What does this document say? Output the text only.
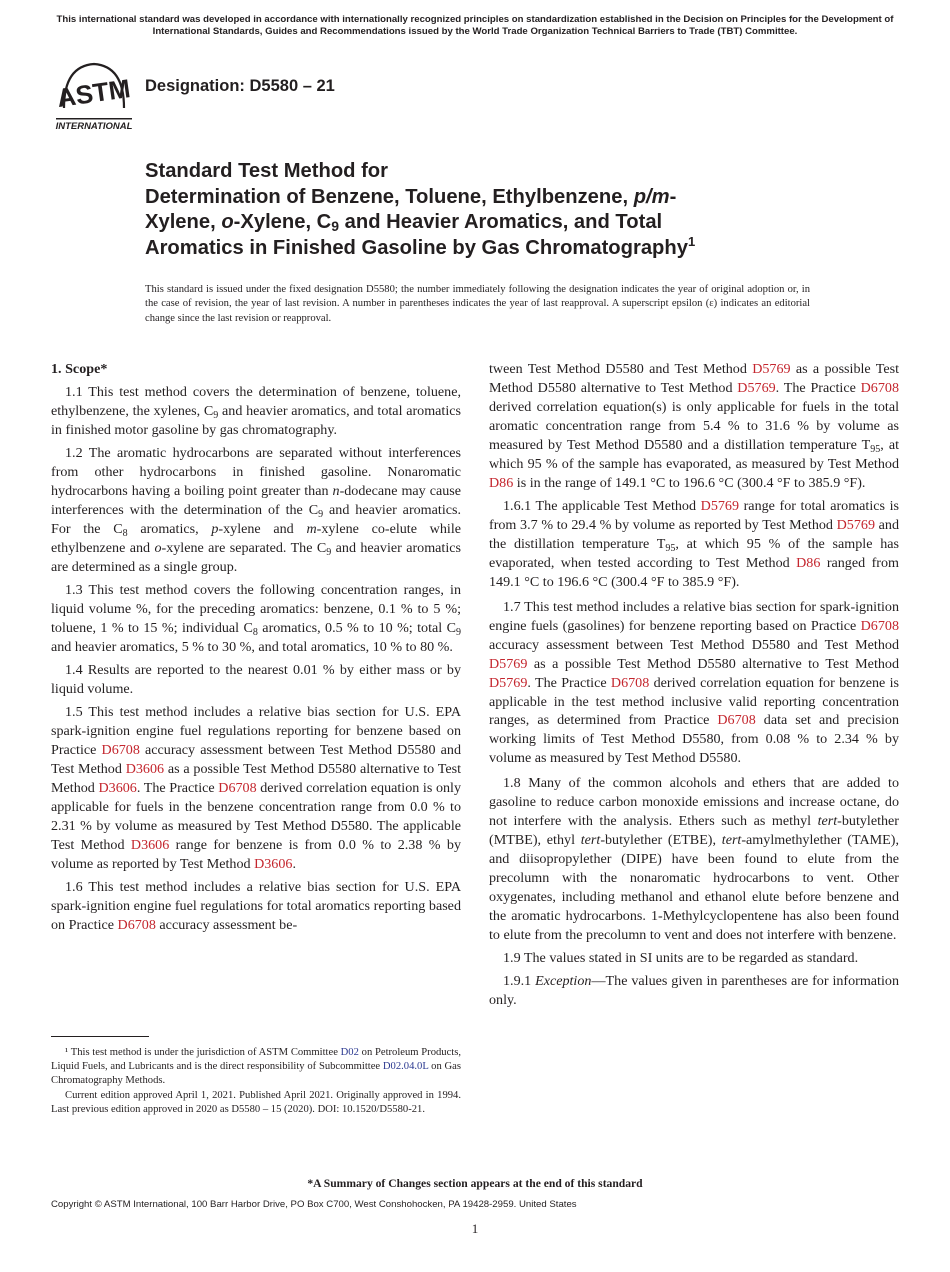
This international standard was developed in accordance with internationally recognized principles on standardization established in the Decision on Principles for the Development of International Standards, Guides and Recommendations issued by the World Trade Organization Technical Barriers to Trade (TBT) Committee.
ASTM
INTERNATIONAL
Designation: D5580 – 21
Standard Test Method for
Determination of Benzene, Toluene, Ethylbenzene, p/m-
Xylene, o-Xylene, $C_9$ and Heavier Aromatics, and Total
Aromatics in Finished Gasoline by Gas Chromatography$^1$
This standard is issued under the fixed designation D5580; the number immediately following the designation indicates the year of original adoption or, in the case of revision, the year of last revision. A number in parentheses indicates the year of last reapproval. A superscript epsilon (ε) indicates an editorial change since the last revision or reapproval.
1. Scope*

1.1 This test method covers the determination of benzene, toluene, ethylbenzene, the xylenes, $C_9$ and heavier aromatics, and total aromatics in finished motor gasoline by gas chromatography.

1.2 The aromatic hydrocarbons are separated without interferences from other hydrocarbons in finished gasoline. Nonaromatic hydrocarbons having a boiling point greater than n-dodecane may cause interferences with the determination of the $C_9$ and heavier aromatics. For the $C_8$ aromatics, p-xylene and m-xylene co-elute while ethylbenzene and o-xylene are separated. The $C_9$ and heavier aromatics are determined as a single group.

1.3 This test method covers the following concentration ranges, in liquid volume %, for the preceding aromatics: benzene, 0.1 % to 5 %; toluene, 1 % to 15 %; individual $C_8$ aromatics, 0.5 % to 10 %; total $C_9$ and heavier aromatics, 5 % to 30 %, and total aromatics, 10 % to 80 %.

1.4 Results are reported to the nearest 0.01 % by either mass or by liquid volume.

1.5 This test method includes a relative bias section for U.S. EPA spark-ignition engine fuel regulations reporting for benzene based on Practice D6708 accuracy assessment between Test Method D5580 and Test Method D3606 as a possible Test Method D5580 alternative to Test Method D3606. The Practice D6708 derived correlation equation is only applicable for fuels in the benzene concentration range from 0.0 % to 2.31 % by volume as measured by Test Method D5580. The applicable Test Method D3606 range for benzene is from 0.0 % to 2.38 % by volume as reported by Test Method D3606.

1.6 This test method includes a relative bias section for U.S. EPA spark-ignition engine fuel regulations for total aromatics reporting based on Practice D6708 accuracy assessment be-

tween Test Method D5580 and Test Method D5769 as a possible Test Method D5580 alternative to Test Method D5769. The Practice D6708 derived correlation equation(s) is only applicable for fuels in the total aromatic concentration range from 5.4 % to 31.6 % by volume as measured by Test Method D5580 and a distillation temperature $T_{95}$, at which 95 % of the sample has evaporated, as measured by Test Method D86 is in the range of 149.1 °C to 196.6 °C (300.4 °F to 385.9 °F).

1.6.1 The applicable Test Method D5769 range for total aromatics is from 3.7 % to 29.4 % by volume as reported by Test Method D5769 and the distillation temperature $T_{95}$, at which 95 % of the sample has evaporated, when tested according to Test Method D86 ranged from 149.1 °C to 196.6 °C (300.4 °F to 385.9 °F).

1.7 This test method includes a relative bias section for spark-ignition engine fuels (gasolines) for benzene reporting based on Practice D6708 accuracy assessment between Test Method D5580 and Test Method D5769 as a possible Test Method D5580 alternative to Test Method D5769. The Practice D6708 derived correlation equation for benzene is applicable in the test method inclusive valid reporting concentration ranges, as determined from Practice D6708 data set and precision working limits of Test Method D5580, from 0.08 % to 2.34 % by volume as measured by Test Method D5580.

1.8 Many of the common alcohols and ethers that are added to gasoline to reduce carbon monoxide emissions and increase octane, do not interfere with the analysis. Ethers such as methyl tert-butylether (MTBE), ethyl tert-butylether (ETBE), tert-amylmethylether (TAME), and diisopropylether (DIPE) have been found to elute from the precolumn with the nonaromatic hydrocarbons to vent. Other oxygenates, including methanol and ethanol elute before benzene and the aromatic hydrocarbons. 1-Methylcyclopentene has also been found to elute from the precolumn to vent and does not interfere with benzene.

1.9 The values stated in SI units are to be regarded as standard.

1.9.1 Exception—The values given in parentheses are for information only.

¹ This test method is under the jurisdiction of ASTM Committee D02 on Petroleum Products, Liquid Fuels, and Lubricants and is the direct responsibility of Subcommittee D02.04.0L on Gas Chromatography Methods.

Current edition approved April 1, 2021. Published April 2021. Originally approved in 1994. Last previous edition approved in 2020 as D5580 – 15 (2020). DOI: 10.1520/D5580-21.

*A Summary of Changes section appears at the end of this standard
Copyright © ASTM International, 100 Barr Harbor Drive, PO Box C700, West Conshohocken, PA 19428-2959. United States
1
